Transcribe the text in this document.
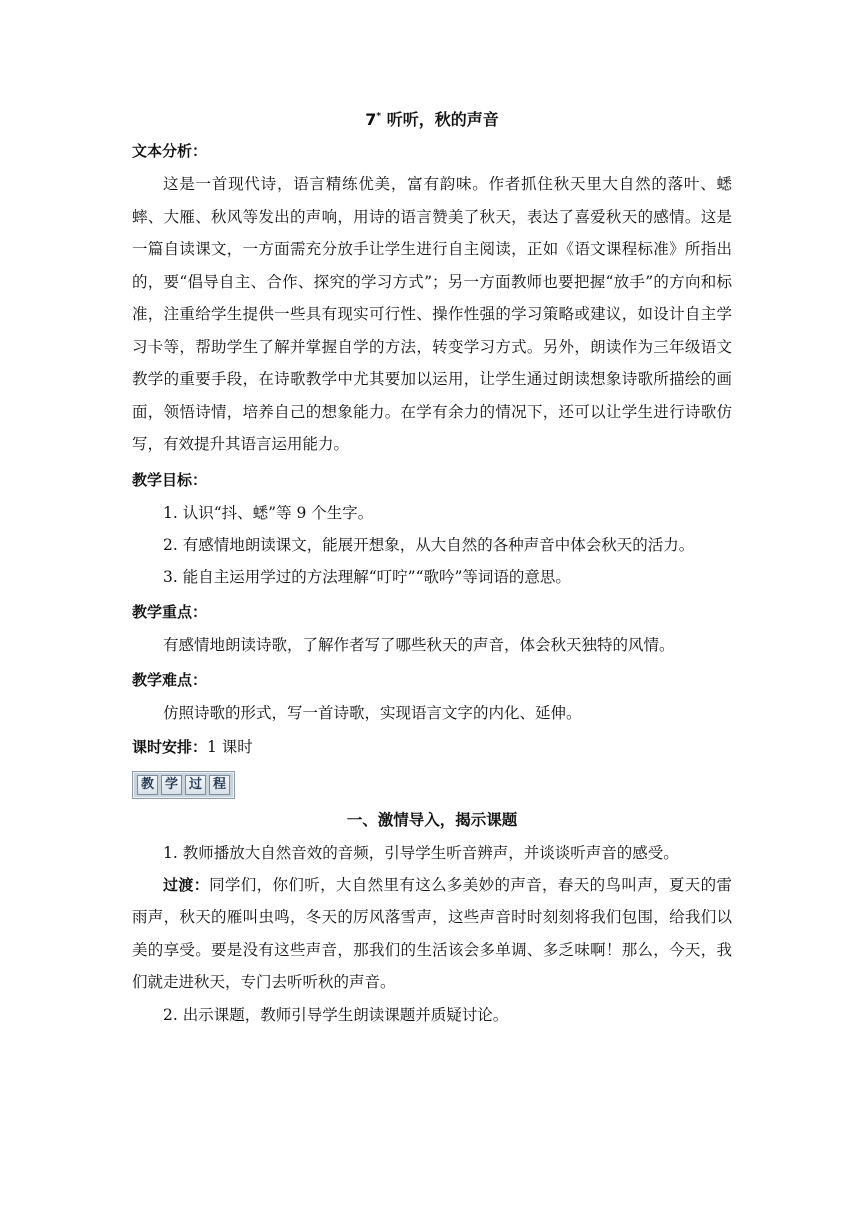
7* 听听，秋的声音
文本分析：

这是一首现代诗，语言精练优美，富有韵味。作者抓住秋天里大自然的落叶、蟋蟀、大雁、秋风等发出的声响，用诗的语言赞美了秋天，表达了喜爱秋天的感情。这是一篇自读课文，一方面需充分放手让学生进行自主阅读，正如《语文课程标准》所指出的，要“倡导自主、合作、探究的学习方式”；另一方面教师也要把握“放手”的方向和标准，注重给学生提供一些具有现实可行性、操作性强的学习策略或建议，如设计自主学习卡等，帮助学生了解并掌握自学的方法，转变学习方式。另外，朗读作为三年级语文教学的重要手段，在诗歌教学中尤其要加以运用，让学生通过朗读想象诗歌所描绘的画面，领悟诗情，培养自己的想象能力。在学有余力的情况下，还可以让学生进行诗歌仿写，有效提升其语言运用能力。

教学目标：

1. 认识“抖、蟋”等 9 个生字。

2. 有感情地朗读课文，能展开想象，从大自然的各种声音中体会秋天的活力。

3. 能自主运用学过的方法理解“叮咛”“歌吟”等词语的意思。

教学重点：

有感情地朗读诗歌，了解作者写了哪些秋天的声音，体会秋天独特的风情。

教学难点：

仿照诗歌的形式，写一首诗歌，实现语言文字的内化、延伸。

课时安排：1 课时
教 学 过 程
一、激情导入，揭示课题

1. 教师播放大自然音效的音频，引导学生听音辨声，并谈谈听声音的感受。

过渡：同学们，你们听，大自然里有这么多美妙的声音，春天的鸟叫声，夏天的雷雨声，秋天的雁叫虫鸣，冬天的厉风落雪声，这些声音时时刻刻将我们包围，给我们以美的享受。要是没有这些声音，那我们的生活该会多单调、多乏味啊！那么，今天，我们就走进秋天，专门去听听秋的声音。

2. 出示课题，教师引导学生朗读课题并质疑讨论。
